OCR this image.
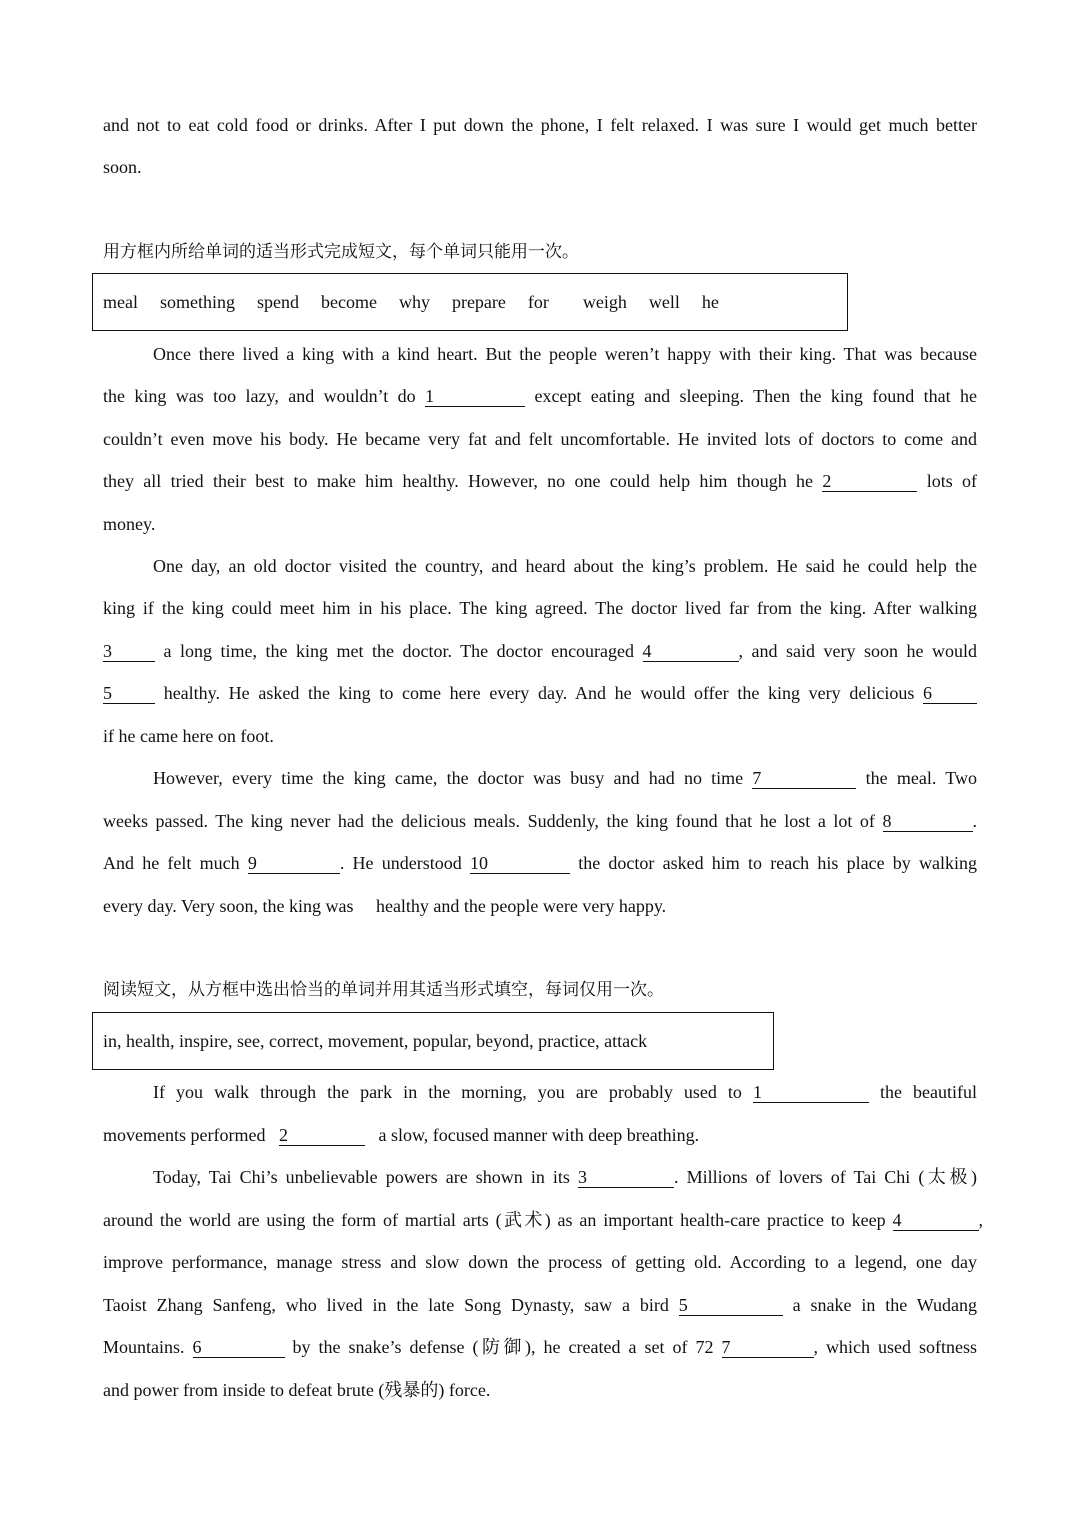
and not to eat cold food or drinks. After I put down the phone, I felt relaxed. I was sure I would get much better
soon.
用方框内所给单词的适当形式完成短文，每个单词只能用一次。
meal something spend become why prepare for weigh well he
Once there lived a king with a kind heart. But the people weren’t happy with their king. That was because
the king was too lazy, and wouldn’t do 1	except eating and sleeping. Then the king found that he
couldn’t even move his body. He became very fat and felt uncomfortable. He invited lots of doctors to come and
they all tried their best to make him healthy. However, no one could help him though he 2	lots of
money.
One day, an old doctor visited the country, and heard about the king’s problem. He said he could help the
king if the king could meet him in his place. The king agreed. The doctor lived far from the king. After walking
3	a long time, the king met the doctor. The doctor encouraged 4	, and said very soon he would
5	healthy. He asked the king to come here every day. And he would offer the king very delicious 6
if he came here on foot.
However, every time the king came, the doctor was busy and had no time 7	the meal. Two
weeks passed. The king never had the delicious meals. Suddenly, the king found that he lost a lot of 8	.
And he felt much 9	. He understood 10	the doctor asked him to reach his place by walking
every day. Very soon, the king was healthy and the people were very happy.
阅读短文，从方框中选出恰当的单词并用其适当形式填空，每词仅用一次。
in, health, inspire, see, correct, movement, popular, beyond, practice, attack
If you walk through the park in the morning, you are probably used to 1	the beautiful
movements performed 2	a slow, focused manner with deep breathing.
Today, Tai Chi’s unbelievable powers are shown in its 3	. Millions of lovers of Tai Chi (太极)
around the world are using the form of martial arts (武术) as an important health-care practice to keep 4	,
improve performance, manage stress and slow down the process of getting old. According to a legend, one day
Taoist Zhang Sanfeng, who lived in the late Song Dynasty, saw a bird 5	a snake in the Wudang
Mountains. 6	by the snake’s defense (防御), he created a set of 72 7	, which used softness
and power from inside to defeat brute (残暴的) force.
